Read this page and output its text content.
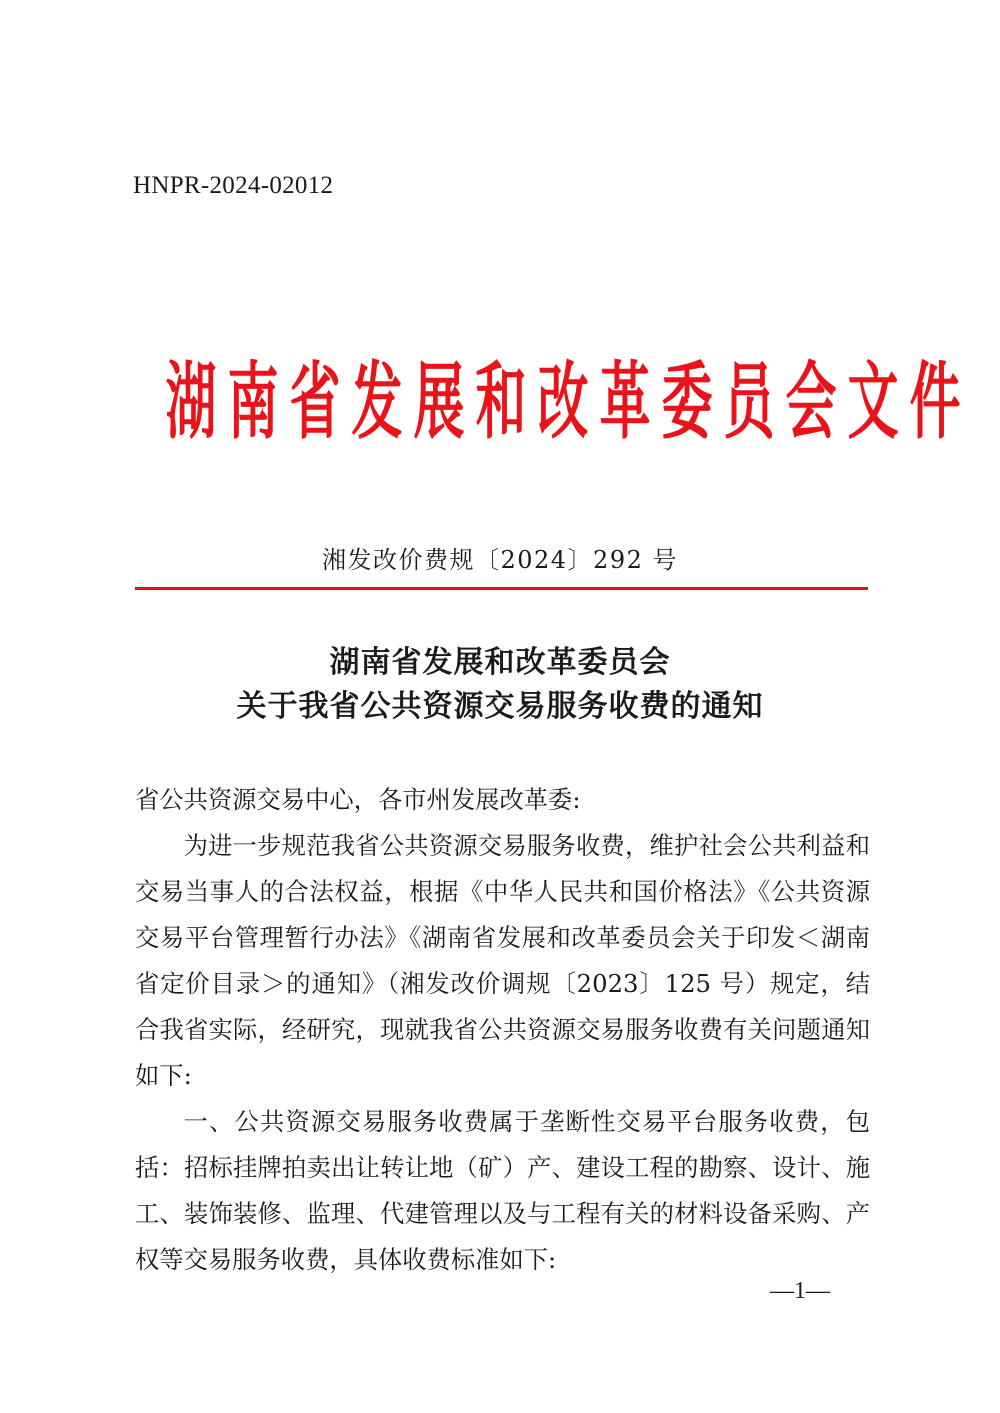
HNPR-2024-02012
湖 南 省 发 展 和 改 革 委 员 会 文 件
湘发改价费规〔2024〕292 号
湖南省发展和改革委员会
关于我省公共资源交易服务收费的通知

省公共资源交易中心，各市州发展改革委:

为进一步规范我省公共资源交易服务收费，维护社会公共利益和交易当事人的合法权益，根据《中华人民共和国价格法》《公共资源交易平台管理暂行办法》《湖南省发展和改革委员会关于印发＜湖南省定价目录＞的通知》（湘发改价调规〔2023〕125 号）规定，结合我省实际，经研究，现就我省公共资源交易服务收费有关问题通知如下:

一、公共资源交易服务收费属于垄断性交易平台服务收费，包括：招标挂牌拍卖出让转让地（矿）产、建设工程的勘察、设计、施工、装饰装修、监理、代建管理以及与工程有关的材料设备采购、产权等交易服务收费，具体收费标准如下:

—1—
